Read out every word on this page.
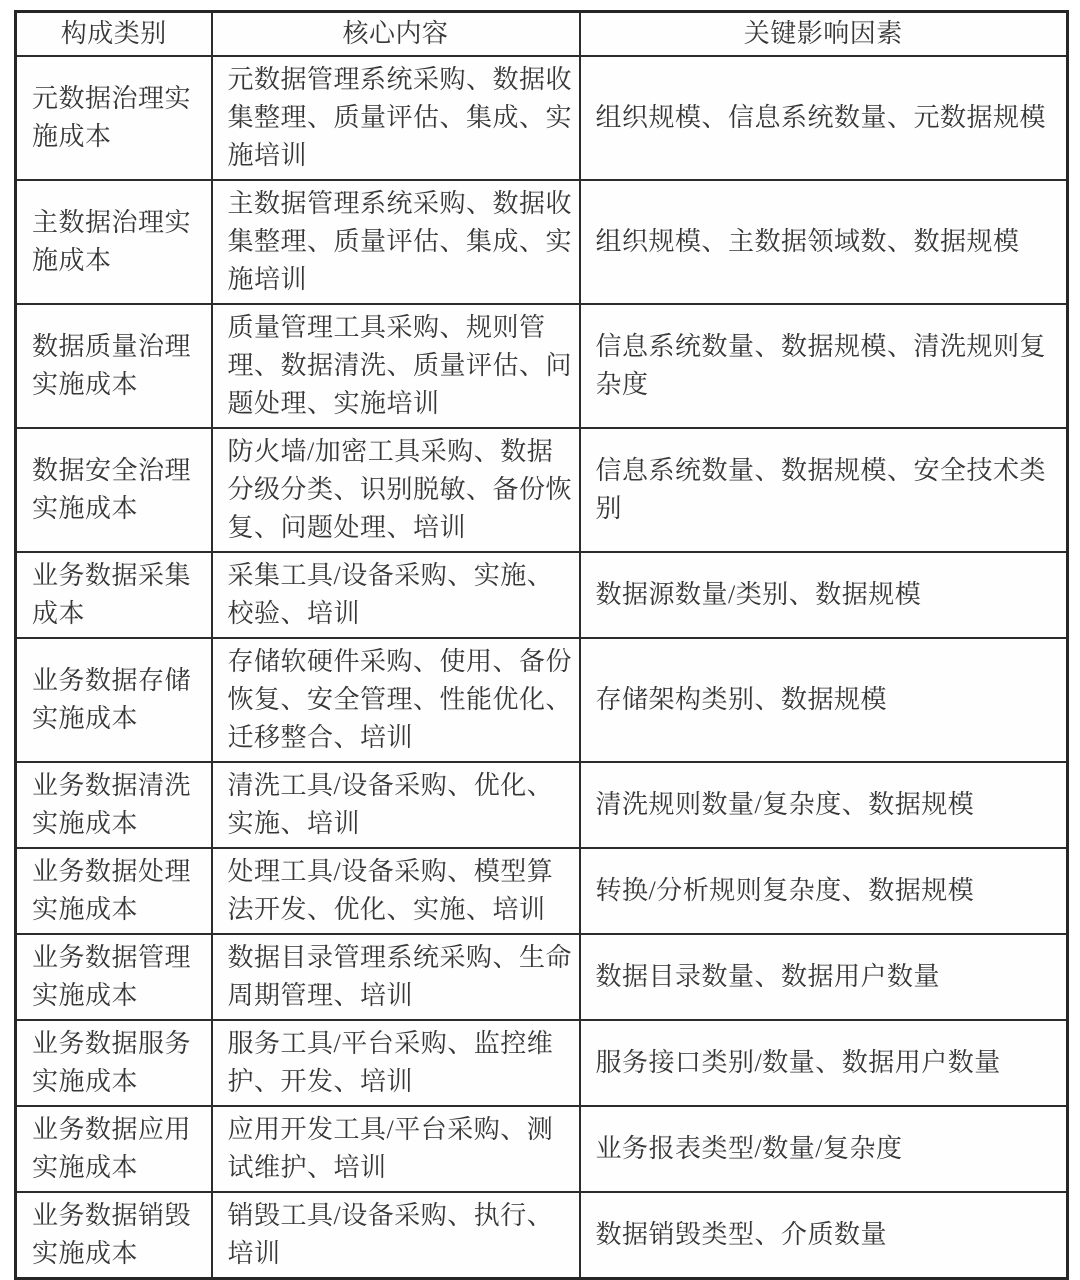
构成类别	核心内容	关键影响因素
元数据治理实施成本	元数据管理系统采购、数据收集整理、质量评估、集成、实施培训	组织规模、信息系统数量、元数据规模
主数据治理实施成本	主数据管理系统采购、数据收集整理、质量评估、集成、实施培训	组织规模、主数据领域数、数据规模
数据质量治理实施成本	质量管理工具采购、规则管理、数据清洗、质量评估、问题处理、实施培训	信息系统数量、数据规模、清洗规则复杂度
数据安全治理实施成本	防火墙/加密工具采购、数据分级分类、识别脱敏、备份恢复、问题处理、培训	信息系统数量、数据规模、安全技术类别
业务数据采集成本	采集工具/设备采购、实施、校验、培训	数据源数量/类别、数据规模
业务数据存储实施成本	存储软硬件采购、使用、备份恢复、安全管理、性能优化、迁移整合、培训	存储架构类别、数据规模
业务数据清洗实施成本	清洗工具/设备采购、优化、实施、培训	清洗规则数量/复杂度、数据规模
业务数据处理实施成本	处理工具/设备采购、模型算法开发、优化、实施、培训	转换/分析规则复杂度、数据规模
业务数据管理实施成本	数据目录管理系统采购、生命周期管理、培训	数据目录数量、数据用户数量
业务数据服务实施成本	服务工具/平台采购、监控维护、开发、培训	服务接口类别/数量、数据用户数量
业务数据应用实施成本	应用开发工具/平台采购、测试维护、培训	业务报表类型/数量/复杂度
业务数据销毁实施成本	销毁工具/设备采购、执行、培训	数据销毁类型、介质数量
